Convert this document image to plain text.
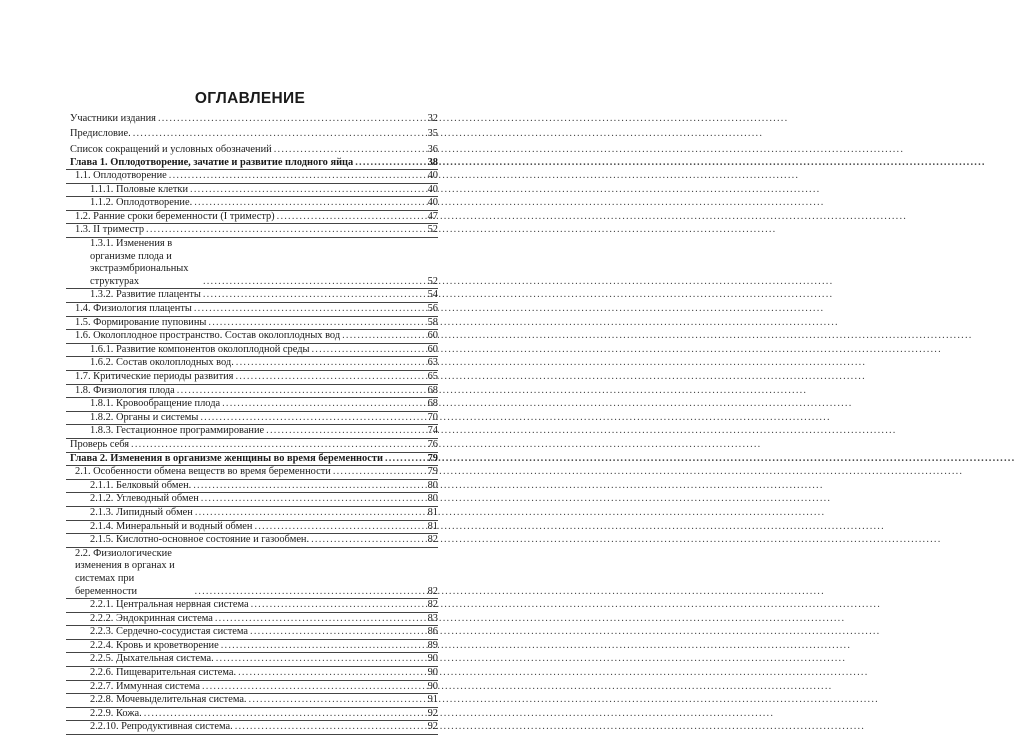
ОГЛАВЛЕНИЕ
Участники издания .....	32
Предисловие. .....	35
Список сокращений и условных обозначений .....	36
Глава 1. Оплодотворение, зачатие и развитие плодного яйца .....	38
1.1. Оплодотворение .....	40
1.1.1. Половые клетки .....	40
1.1.2. Оплодотворение. .....	40
1.2. Ранние сроки беременности (I триместр) .....	47
1.3. II триместр .....	52
1.3.1. Изменения в организме плода и экстраэмбриональных структурах .....	52
1.3.2. Развитие плаценты .....	54
1.4. Физиология плаценты .....	56
1.5. Формирование пуповины .....	58
1.6. Околоплодное пространство. Состав околоплодных вод .....	60
1.6.1. Развитие компонентов околоплодной среды .....	60
1.6.2. Состав околоплодных вод. .....	63
1.7. Критические периоды развития .....	65
1.8. Физиология плода .....	68
1.8.1. Кровообращение плода .....	68
1.8.2. Органы и системы .....	70
1.8.3. Гестационное программирование .....	74
Проверь себя .....	76
Глава 2. Изменения в организме женщины во время беременности .....	79
2.1. Особенности обмена веществ во время беременности .....	79
2.1.1. Белковый обмен. .....	80
2.1.2. Углеводный обмен .....	80
2.1.3. Липидный обмен .....	81
2.1.4. Минеральный и водный обмен .....	81
2.1.5. Кислотно-основное состояние и газообмен. .....	82
2.2. Физиологические изменения в органах и системах при беременности .....	82
2.2.1. Центральная нервная система .....	82
2.2.2. Эндокринная система .....	83
2.2.3. Сердечно-сосудистая система .....	86
2.2.4. Кровь и кроветворение .....	89
2.2.5. Дыхательная система. .....	90
2.2.6. Пищеварительная система. .....	90
2.2.7. Иммунная система .....	90
2.2.8. Мочевыделительная система. .....	91
2.2.9. Кожа. .....	92
2.2.10. Репродуктивная система. .....	92
